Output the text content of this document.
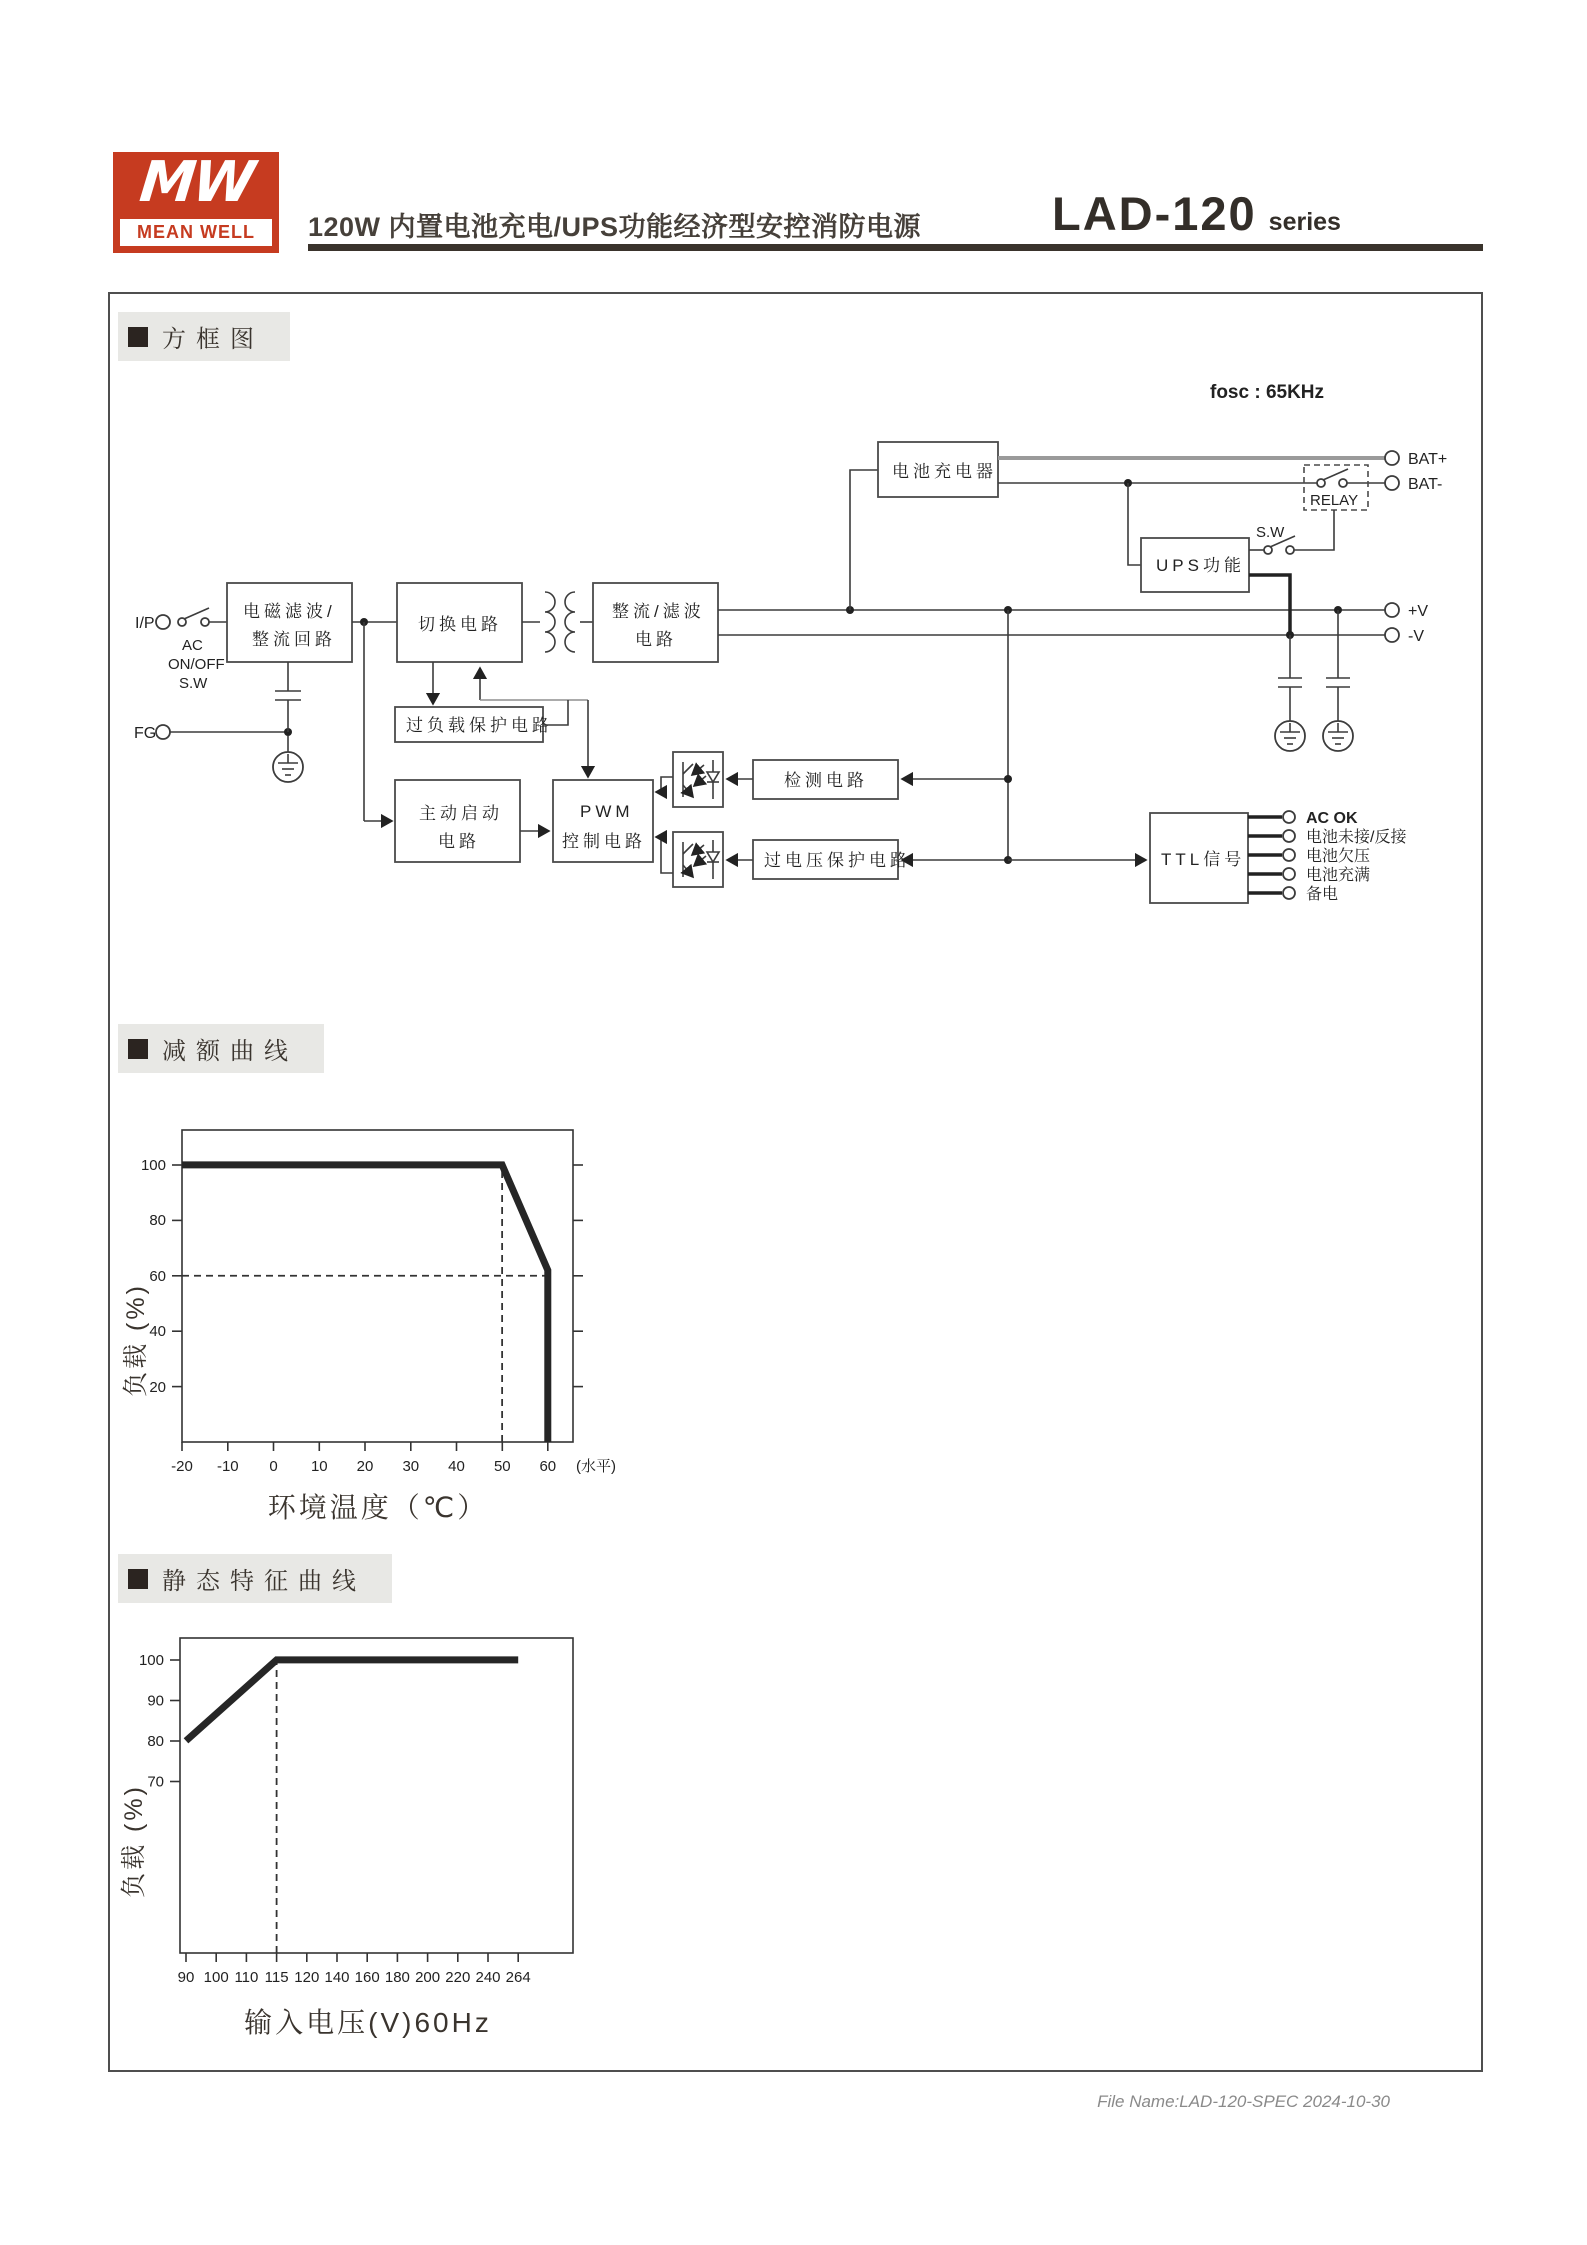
MW
MEAN WELL	120W 内置电池充电/UPS功能经济型安控消防电源	LAD-120 series
方框图
减额曲线
静态特征曲线
fosc : 65KHz
I/P
AC
ON/OFF
S.W
FG
电磁滤波/
整流回路
切换电路
整流/滤波
电路
+V
-V
电池充电器
BAT+
BAT-
RELAY
UPS功能
S.W
过负载保护电路
主动启动
电路
PWM
控制电路
检测电路
过电压保护电路	TTL信号
AC OK
电池未接/反接
电池欠压
电池充满
备电
20
40
60
80
100
-20 -10 0 10 20 30 40 50 60 (水平)
负载 (%)
环境温度（℃）
100
90
80
70
90 100 110 115 120 140 160 180 200 220 240 264
负载 (%)
输入电压(V)60Hz
File Name:LAD-120-SPEC 2024-10-30
